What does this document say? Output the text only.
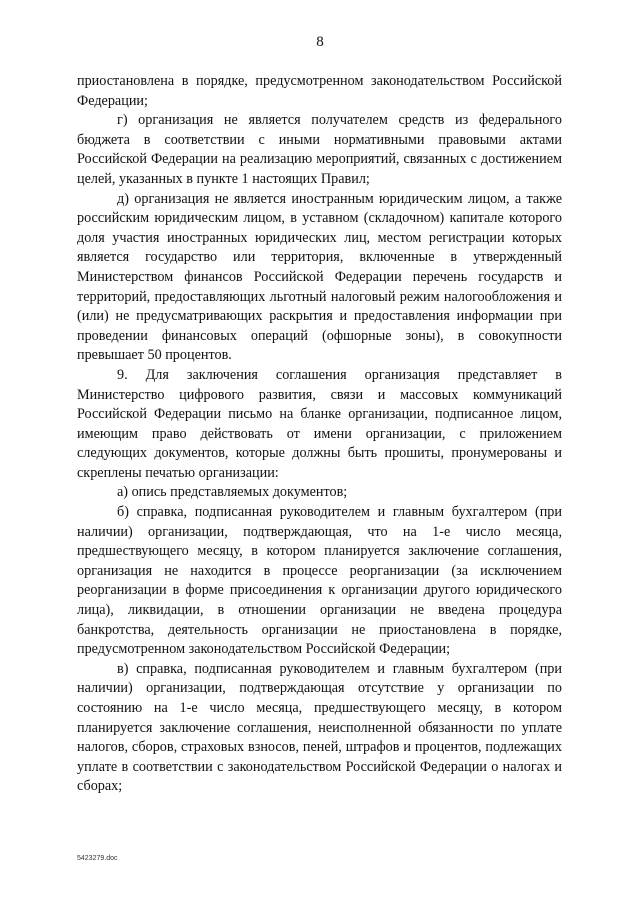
8

приостановлена в порядке, предусмотренном законодательством Российской Федерации;

г) организация не является получателем средств из федерального бюджета в соответствии с иными нормативными правовыми актами Российской Федерации на реализацию мероприятий, связанных с достижением целей, указанных в пункте 1 настоящих Правил;

д) организация не является иностранным юридическим лицом, а также российским юридическим лицом, в уставном (складочном) капитале которого доля участия иностранных юридических лиц, местом регистрации которых является государство или территория, включенные в утвержденный Министерством финансов Российской Федерации перечень государств и территорий, предоставляющих льготный налоговый режим налогообложения и (или) не предусматривающих раскрытия и предоставления информации при проведении финансовых операций (офшорные зоны), в совокупности превышает 50 процентов.

9. Для заключения соглашения организация представляет в Министерство цифрового развития, связи и массовых коммуникаций Российской Федерации письмо на бланке организации, подписанное лицом, имеющим право действовать от имени организации, с приложением следующих документов, которые должны быть прошиты, пронумерованы и скреплены печатью организации:

а) опись представляемых документов;

б) справка, подписанная руководителем и главным бухгалтером (при наличии) организации, подтверждающая, что на 1-е число месяца, предшествующего месяцу, в котором планируется заключение соглашения, организация не находится в процессе реорганизации (за исключением реорганизации в форме присоединения к организации другого юридического лица), ликвидации, в отношении организации не введена процедура банкротства, деятельность организации не приостановлена в порядке, предусмотренном законодательством Российской Федерации;

в) справка, подписанная руководителем и главным бухгалтером (при наличии) организации, подтверждающая отсутствие у организации по состоянию на 1-е число месяца, предшествующего месяцу, в котором планируется заключение соглашения, неисполненной обязанности по уплате налогов, сборов, страховых взносов, пеней, штрафов и процентов, подлежащих уплате в соответствии с законодательством Российской Федерации о налогах и сборах;

5423279.doc
